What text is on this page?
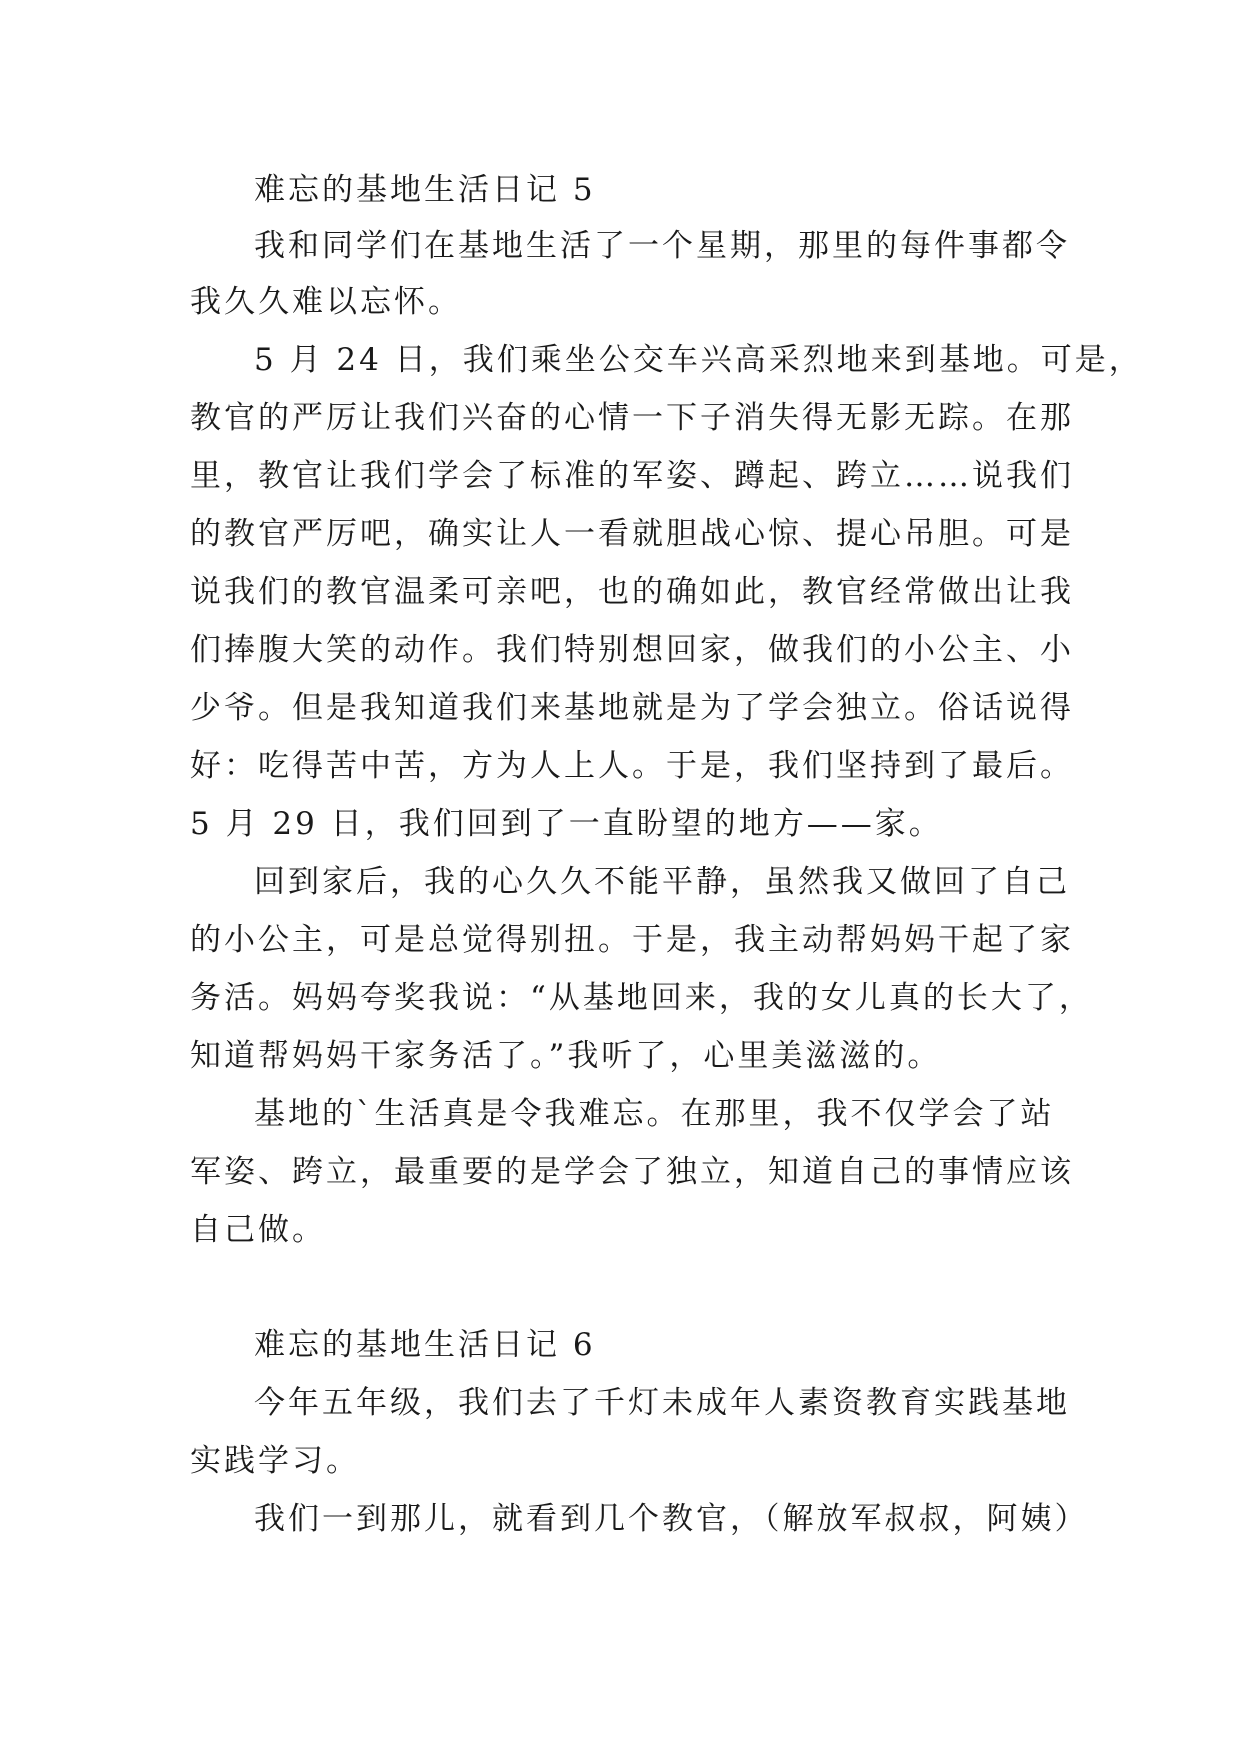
难忘的基地生活日记 5
我和同学们在基地生活了一个星期，那里的每件事都令
我久久难以忘怀。
5 月 24 日，我们乘坐公交车兴高采烈地来到基地。可是，
教官的严厉让我们兴奋的心情一下子消失得无影无踪。在那
里，教官让我们学会了标准的军姿、蹲起、跨立……说我们
的教官严厉吧，确实让人一看就胆战心惊、提心吊胆。可是
说我们的教官温柔可亲吧，也的确如此，教官经常做出让我
们捧腹大笑的动作。我们特别想回家，做我们的小公主、小
少爷。但是我知道我们来基地就是为了学会独立。俗话说得
好：吃得苦中苦，方为人上人。于是，我们坚持到了最后。
5 月 29 日，我们回到了一直盼望的地方——家。
回到家后，我的心久久不能平静，虽然我又做回了自己
的小公主，可是总觉得别扭。于是，我主动帮妈妈干起了家
务活。妈妈夸奖我说：“从基地回来，我的女儿真的长大了，
知道帮妈妈干家务活了。”我听了，心里美滋滋的。
基地的`生活真是令我难忘。在那里，我不仅学会了站
军姿、跨立，最重要的是学会了独立，知道自己的事情应该
自己做。
难忘的基地生活日记 6
今年五年级，我们去了千灯未成年人素资教育实践基地
实践学习。
我们一到那儿，就看到几个教官，（解放军叔叔，阿姨）
